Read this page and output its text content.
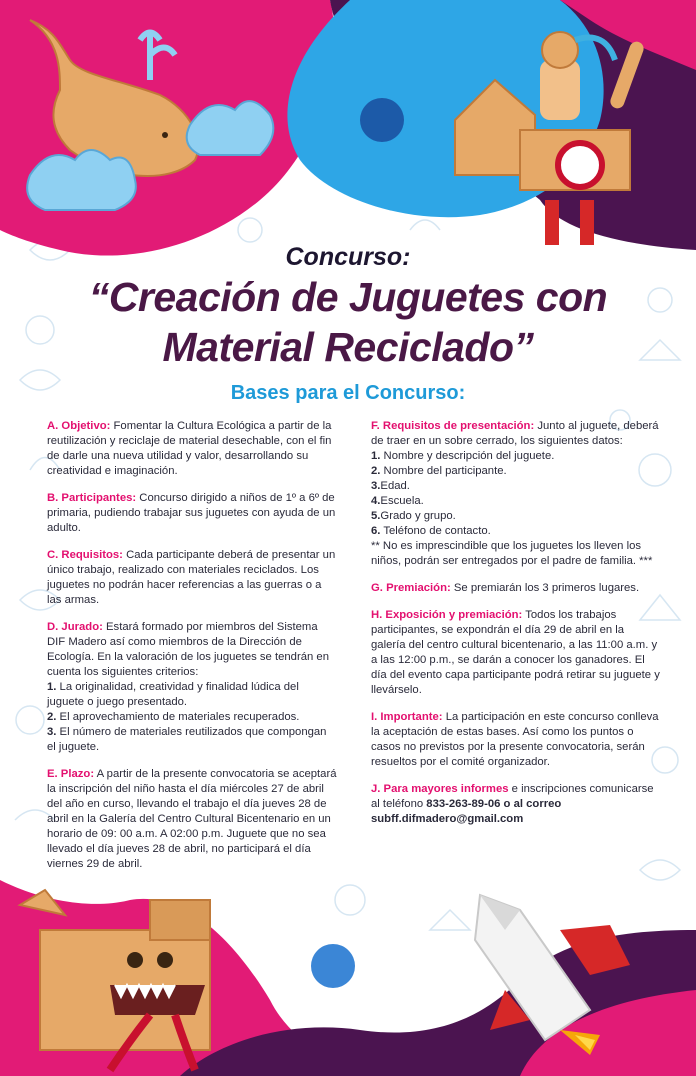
Concurso:
“Creación de Juguetes con
Material Reciclado”
Bases para el Concurso:
A. Objetivo: Fomentar la Cultura Ecológica a partir de la reutilización y reciclaje de material desechable, con el fin de darle una nueva utilidad y valor, desarrollando su creatividad e imaginación.
B. Participantes: Concurso dirigido a niños de 1º a 6º de primaria, pudiendo trabajar sus juguetes con ayuda de un adulto.
C. Requisitos: Cada participante deberá de presentar un único trabajo, realizado con materiales reciclados. Los juguetes no podrán hacer referencias a las guerras o a las armas.
D. Jurado: Estará formado por miembros del Sistema DIF Madero así como miembros de la Dirección de Ecología. En la valoración de los juguetes se tendrán en cuenta los siguientes criterios:
1. La originalidad, creatividad y finalidad lúdica del juguete o juego presentado.
2. El aprovechamiento de materiales recuperados.
3. El número de materiales reutilizados que compongan el juguete.
E. Plazo: A partir de la presente convocatoria se aceptará la inscripción del niño hasta el día miércoles 27 de abril del año en curso, llevando el trabajo el día jueves 28 de abril en la Galería del Centro Cultural Bicentenario en un horario de 09: 00 a.m. A 02:00 p.m. Juguete que no sea llevado el día jueves 28 de abril, no participará el día viernes 29 de abril.
F. Requisitos de presentación: Junto al juguete, deberá de traer en un sobre cerrado, los siguientes datos:
1. Nombre y descripción del juguete.
2. Nombre del participante.
3.Edad.
4.Escuela.
5.Grado y grupo.
6. Teléfono de contacto.
** No es imprescindible que los juguetes los lleven los niños, podrán ser entregados por el padre de familia. ***
G. Premiación: Se premiarán los 3 primeros lugares.
H. Exposición y premiación: Todos los trabajos participantes, se expondrán el día 29 de abril en la galería del centro cultural bicentenario, a las 11:00 a.m. y a las 12:00 p.m., se darán a conocer los ganadores. El día del evento capa participante podrá retirar su juguete y llevárselo.
I. Importante: La participación en este concurso conlleva la aceptación de estas bases. Así como los puntos o casos no previstos por la presente convocatoria, serán resueltos por el comité organizador.
J. Para mayores informes e inscripciones comunicarse al teléfono 833-263-89-06 o al correo
subff.difmadero@gmail.com
